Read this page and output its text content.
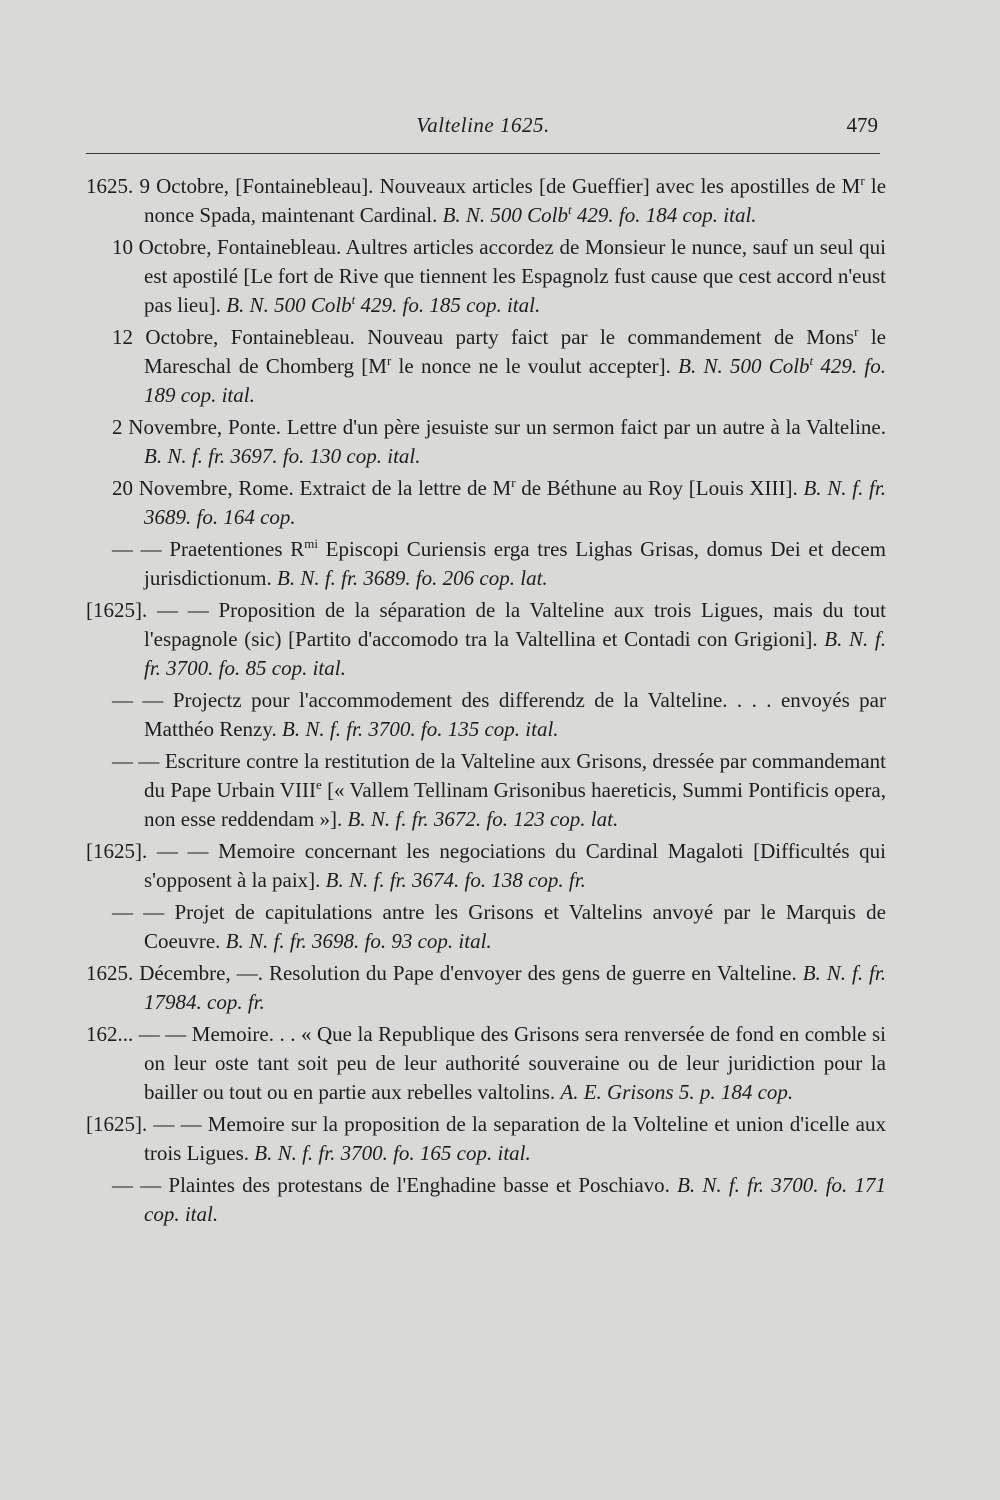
Valteline 1625.	479

1625. 9 Octobre, [Fontainebleau]. Nouveaux articles [de Gueffier] avec les apostilles de $M^r$ le nonce Spada, maintenant Cardinal. B. N. 500 Colb$^t$ 429. fo. 184 cop. ital.

10 Octobre, Fontainebleau. Aultres articles accordez de Monsieur le nunce, sauf un seul qui est apostilé [Le fort de Rive que tiennent les Espagnolz fust cause que cest accord n'eust pas lieu]. B. N. 500 Colb$^t$ 429. fo. 185 cop. ital.

12 Octobre, Fontainebleau. Nouveau party faict par le commandement de Mons$^r$ le Mareschal de Chomberg [$M^r$ le nonce ne le voulut accepter]. B. N. 500 Colb$^t$ 429. fo. 189 cop. ital.

2 Novembre, Ponte. Lettre d'un père jesuiste sur un sermon faict par un autre à la Valteline. B. N. f. fr. 3697. fo. 130 cop. ital.

20 Novembre, Rome. Extraict de la lettre de $M^r$ de Béthune au Roy [Louis XIII]. B. N. f. fr. 3689. fo. 164 cop.

— — Praetentiones $R^{mi}$ Episcopi Curiensis erga tres Lighas Grisas, domus Dei et decem jurisdictionum. B. N. f. fr. 3689. fo. 206 cop. lat.

[1625]. — — Proposition de la séparation de la Valteline aux trois Ligues, mais du tout l'espagnole (sic) [Partito d'accomodo tra la Valtellina et Contadi con Grigioni]. B. N. f. fr. 3700. fo. 85 cop. ital.

— — Projectz pour l'accommodement des differendz de la Valteline. . . . envoyés par Matthéo Renzy. B. N. f. fr. 3700. fo. 135 cop. ital.

— — Escriture contre la restitution de la Valteline aux Grisons, dressée par commandemant du Pape Urbain VIIIe [« Vallem Tellinam Grisonibus haereticis, Summi Pontificis opera, non esse reddendam »]. B. N. f. fr. 3672. fo. 123 cop. lat.

[1625]. — — Memoire concernant les negociations du Cardinal Magaloti [Difficultés qui s'opposent à la paix]. B. N. f. fr. 3674. fo. 138 cop. fr.

— — Projet de capitulations antre les Grisons et Valtelins anvoyé par le Marquis de Coeuvre. B. N. f. fr. 3698. fo. 93 cop. ital.

1625. Décembre, —. Resolution du Pape d'envoyer des gens de guerre en Valteline. B. N. f. fr. 17984. cop. fr.

162... — — Memoire. . . « Que la Republique des Grisons sera renversée de fond en comble si on leur oste tant soit peu de leur authorité souveraine ou de leur juridiction pour la bailler ou tout ou en partie aux rebelles valtolins. A. E. Grisons 5. p. 184 cop.

[1625]. — — Memoire sur la proposition de la separation de la Volteline et union d'icelle aux trois Ligues. B. N. f. fr. 3700. fo. 165 cop. ital.

— — Plaintes des protestans de l'Enghadine basse et Poschiavo. B. N. f. fr. 3700. fo. 171 cop. ital.
